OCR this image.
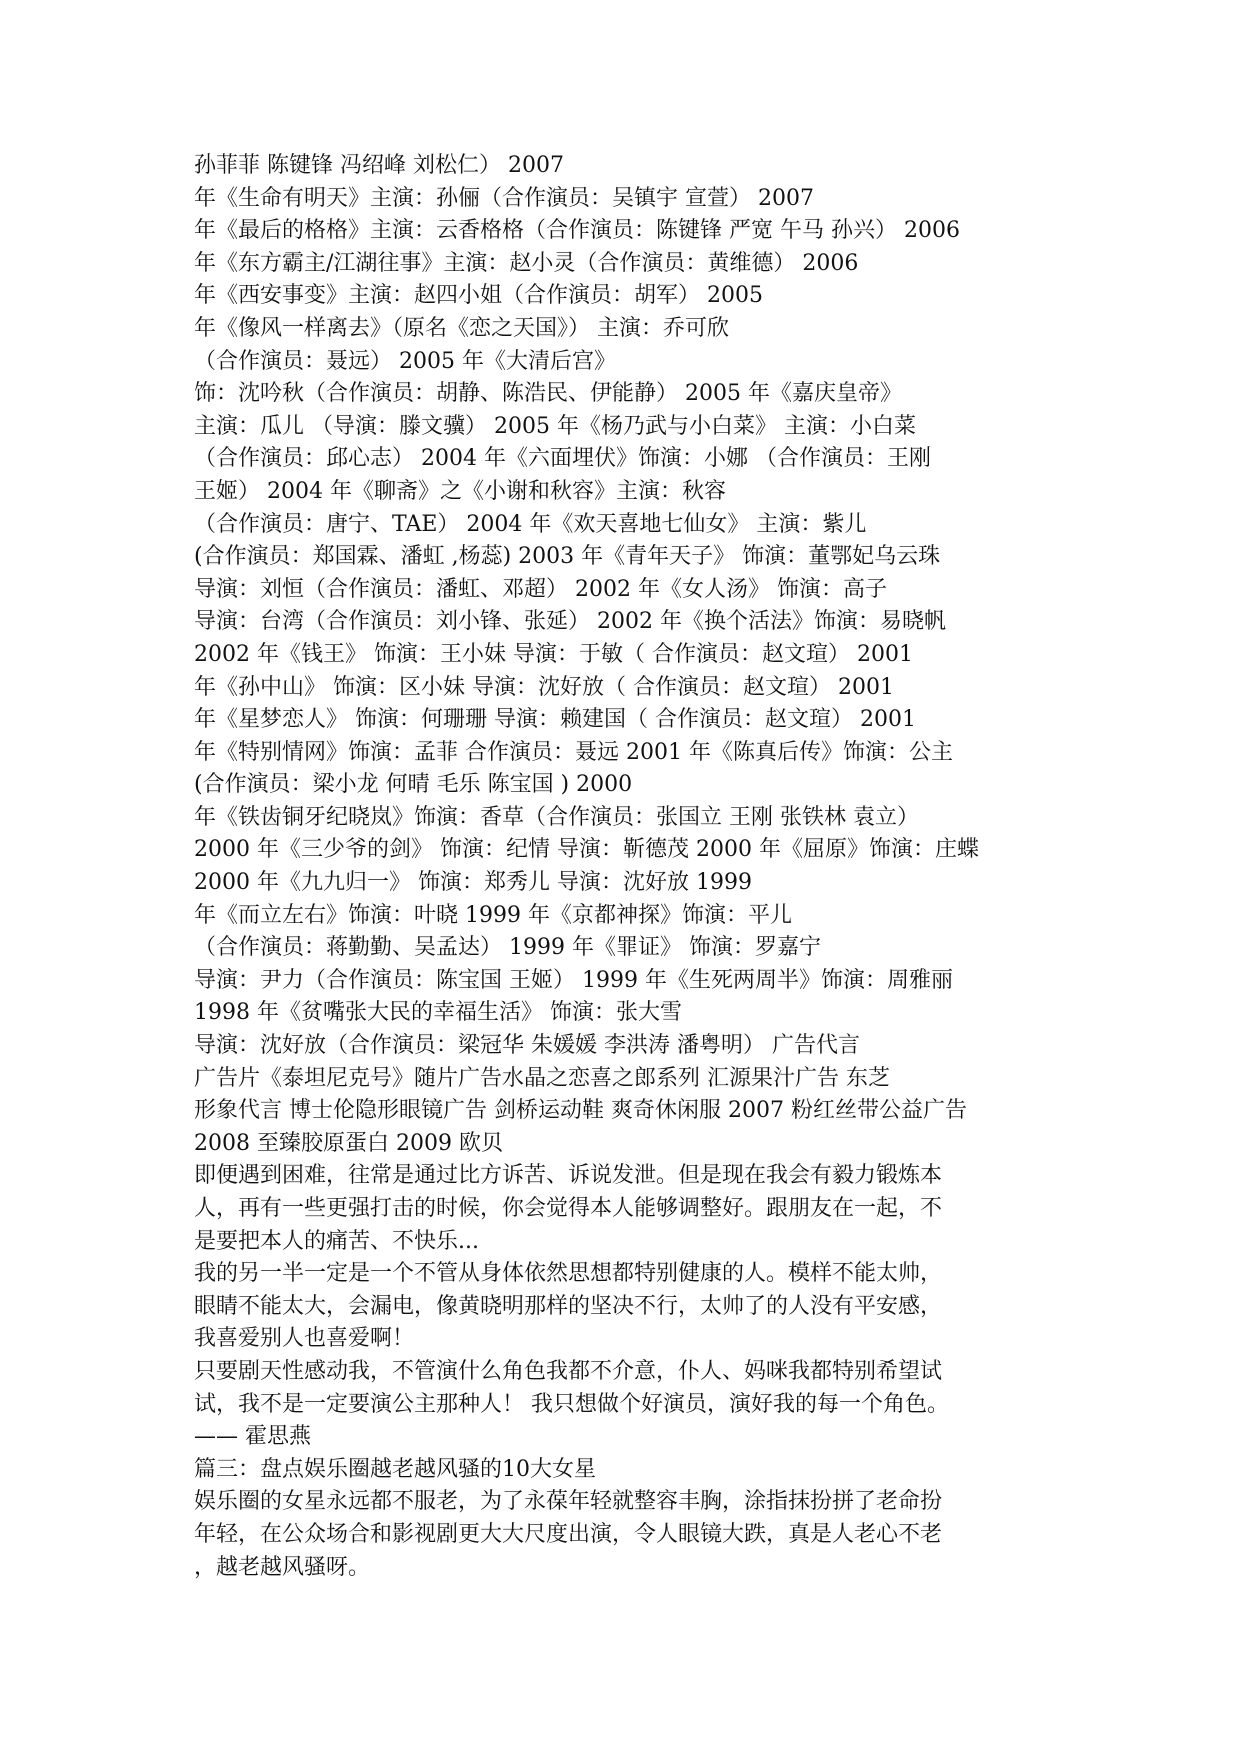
孙菲菲 陈键锋 冯绍峰 刘松仁） 2007
年《生命有明天》主演：孙俪（合作演员：吴镇宇 宣萱） 2007
年《最后的格格》主演：云香格格（合作演员：陈键锋 严宽 午马 孙兴） 2006
年《东方霸主/江湖往事》主演：赵小灵（合作演员：黄维德） 2006
年《西安事变》主演：赵四小姐（合作演员：胡军） 2005
年《像风一样离去》（原名《恋之天国》） 主演：乔可欣
（合作演员：聂远） 2005 年《大清后宫》
饰：沈吟秋（合作演员：胡静、陈浩民、伊能静） 2005 年《嘉庆皇帝》
主演：瓜儿 （导演：滕文骥） 2005 年《杨乃武与小白菜》 主演：小白菜
（合作演员：邱心志） 2004 年《六面埋伏》饰演：小娜 （合作演员：王刚
王姬） 2004 年《聊斋》之《小谢和秋容》主演：秋容
（合作演员：唐宁、TAE） 2004 年《欢天喜地七仙女》 主演：紫儿
(合作演员：郑国霖、潘虹 ,杨蕊) 2003 年《青年天子》 饰演：董鄂妃乌云珠
导演：刘恒（合作演员：潘虹、邓超） 2002 年《女人汤》 饰演：高子
导演：台湾（合作演员：刘小锋、张延） 2002 年《换个活法》饰演：易晓帆
2002 年《钱王》 饰演：王小妹 导演：于敏（ 合作演员：赵文瑄） 2001
年《孙中山》 饰演：区小妹 导演：沈好放（ 合作演员：赵文瑄） 2001
年《星梦恋人》 饰演：何珊珊 导演：赖建国（ 合作演员：赵文瑄） 2001
年《特别情网》饰演：孟菲 合作演员：聂远 2001 年《陈真后传》饰演：公主
(合作演员：梁小龙 何晴 毛乐 陈宝国 ) 2000
年《铁齿铜牙纪晓岚》饰演：香草（合作演员：张国立 王刚 张铁林 袁立）
2000 年《三少爷的剑》 饰演：纪情 导演：靳德茂 2000 年《屈原》饰演：庄蝶
2000 年《九九归一》 饰演：郑秀儿 导演：沈好放 1999
年《而立左右》饰演：叶晓 1999 年《京都神探》饰演：平儿
（合作演员：蒋勤勤、吴孟达） 1999 年《罪证》 饰演：罗嘉宁
导演：尹力（合作演员：陈宝国 王姬） 1999 年《生死两周半》饰演：周雅丽
1998 年《贫嘴张大民的幸福生活》 饰演：张大雪
导演：沈好放（合作演员：梁冠华 朱媛媛 李洪涛 潘粤明） 广告代言
广告片《泰坦尼克号》随片广告水晶之恋喜之郎系列 汇源果汁广告 东芝
形象代言 博士伦隐形眼镜广告 剑桥运动鞋 爽奇休闲服 2007 粉红丝带公益广告
2008 至臻胶原蛋白 2009 欧贝
即便遇到困难，往常是通过比方诉苦、诉说发泄。但是现在我会有毅力锻炼本
人，再有一些更强打击的时候，你会觉得本人能够调整好。跟朋友在一起，不
是要把本人的痛苦、不快乐...
我的另一半一定是一个不管从身体依然思想都特别健康的人。模样不能太帅，
眼睛不能太大，会漏电，像黄晓明那样的坚决不行，太帅了的人没有平安感，
我喜爱别人也喜爱啊！
只要剧天性感动我，不管演什么角色我都不介意，仆人、妈咪我都特别希望试
试，我不是一定要演公主那种人！ 我只想做个好演员，演好我的每一个角色。
—— 霍思燕
篇三：盘点娱乐圈越老越风骚的10大女星
娱乐圈的女星永远都不服老，为了永葆年轻就整容丰胸，涂指抹扮拼了老命扮
年轻，在公众场合和影视剧更大大尺度出演，令人眼镜大跌，真是人老心不老
，越老越风骚呀。
